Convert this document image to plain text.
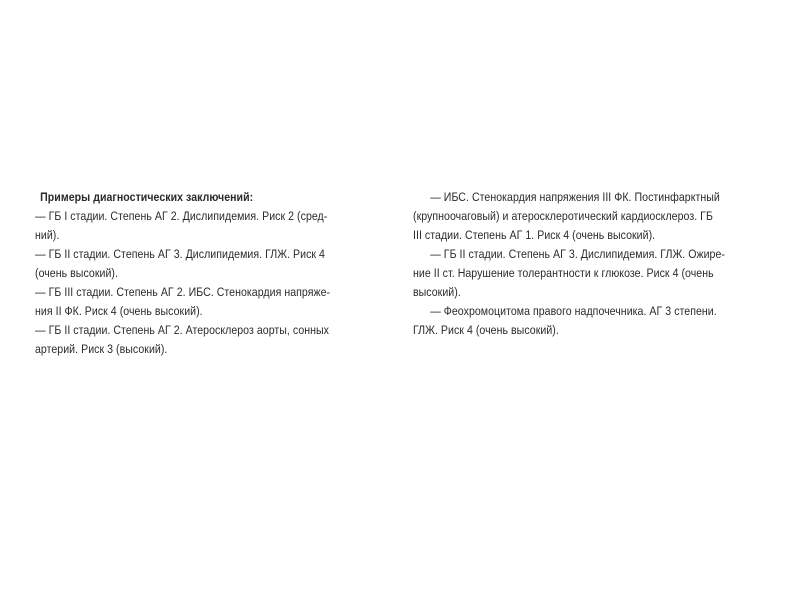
Примеры диагностических заключений:
— ГБ I стадии. Степень АГ 2. Дислипидемия. Риск 2 (сред-
ний).
— ГБ II стадии. Степень АГ 3. Дислипидемия. ГЛЖ. Риск 4
(очень высокий).
— ГБ III стадии. Степень АГ 2. ИБС. Стенокардия напряже-
ния II ФК. Риск 4 (очень высокий).
— ГБ II стадии. Степень АГ 2. Атеросклероз аорты, сонных
артерий. Риск 3 (высокий).
— ИБС. Стенокардия напряжения III ФК. Постинфарктный
(крупноочаговый) и атеросклеротический кардиосклероз. ГБ
III стадии. Степень АГ 1. Риск 4 (очень высокий).
— ГБ II стадии. Степень АГ 3. Дислипидемия. ГЛЖ. Ожире-
ние II ст. Нарушение толерантности к глюкозе. Риск 4 (очень
высокий).
— Феохромоцитома правого надпочечника. АГ 3 степени.
ГЛЖ. Риск 4 (очень высокий).
